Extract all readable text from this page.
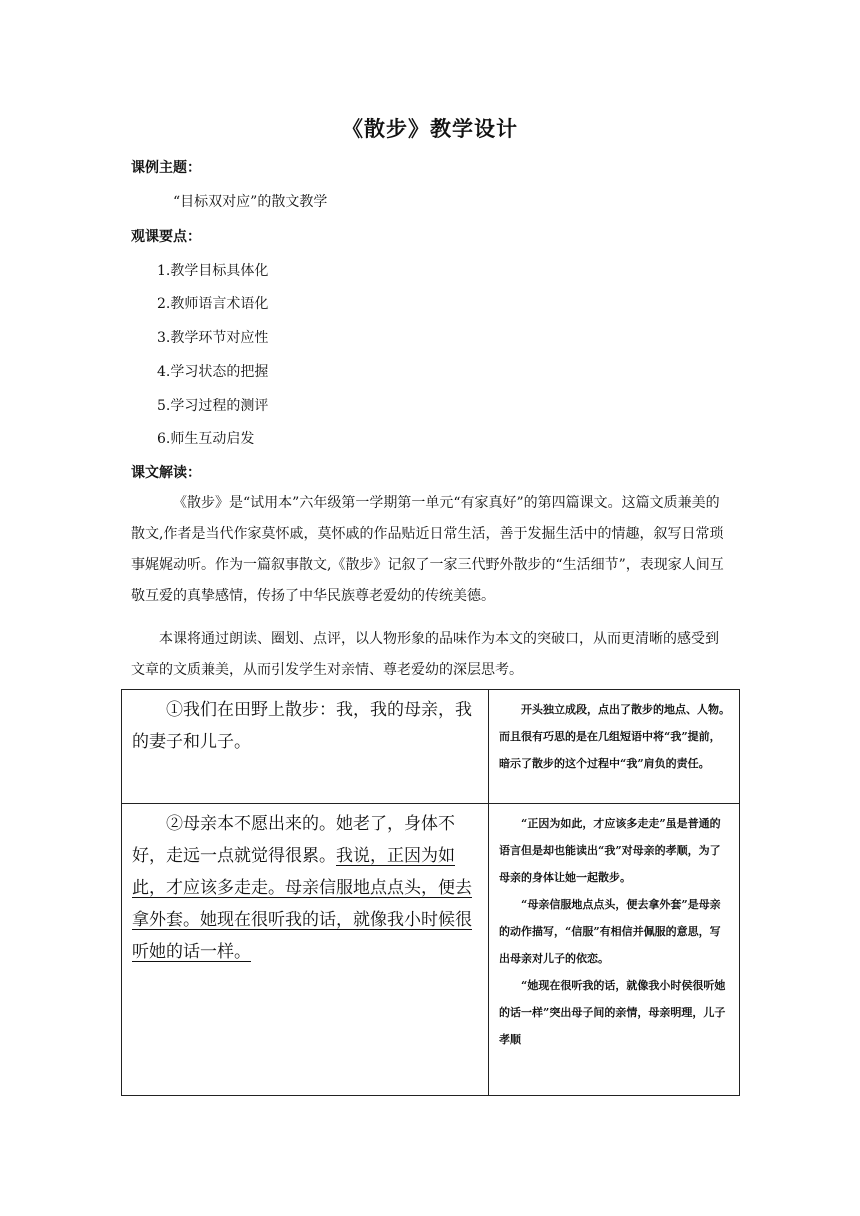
《散步》教学设计
课例主题：
“目标双对应”的散文教学
观课要点：
1.教学目标具体化
2.教师语言术语化
3.教学环节对应性
4.学习状态的把握
5.学习过程的测评
6.师生互动启发
课文解读：
《散步》是“试用本”六年级第一学期第一单元“有家真好”的第四篇课文。这篇文质兼美的散文,作者是当代作家莫怀戚，莫怀戚的作品贴近日常生活，善于发掘生活中的情趣，叙写日常琐事娓娓动听。作为一篇叙事散文,《散步》记叙了一家三代野外散步的“生活细节”，表现家人间互敬互爱的真挚感情，传扬了中华民族尊老爱幼的传统美德。
本课将通过朗读、圈划、点评，以人物形象的品味作为本文的突破口，从而更清晰的感受到文章的文质兼美，从而引发学生对亲情、尊老爱幼的深层思考。
①我们在田野上散步：我，我的母亲，我的妻子和儿子。	开头独立成段，点出了散步的地点、人物。而且很有巧思的是在几组短语中将“我”提前，暗示了散步的这个过程中“我”肩负的责任。

②母亲本不愿出来的。她老了，身体不好，走远一点就觉得很累。我说，正因为如此，才应该多走走。母亲信服地点点头，便去拿外套。她现在很听我的话，就像我小时候很听她的话一样。	“正因为如此，才应该多走走”虽是普通的语言但是却也能读出“我”对母亲的孝顺，为了母亲的身体让她一起散步。

“母亲信服地点点头，便去拿外套”是母亲的动作描写，“信服”有相信并佩服的意思，写出母亲对儿子的依恋。

“她现在很听我的话，就像我小时侯很听她的话一样”突出母子间的亲情，母亲明理，儿子孝顺
